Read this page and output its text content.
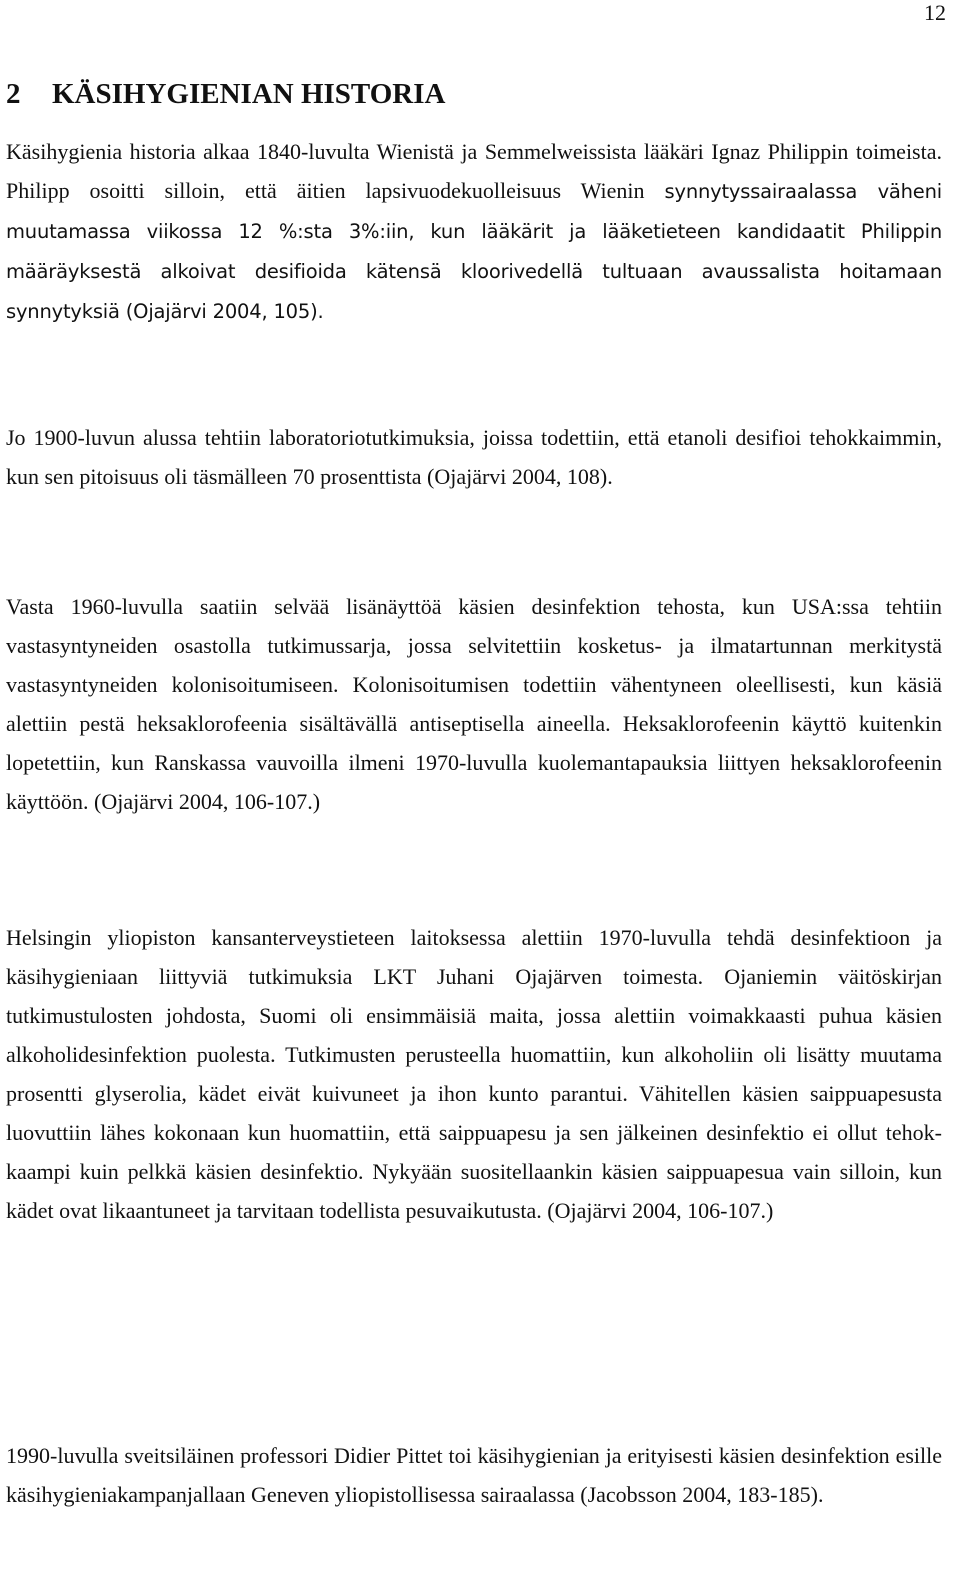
12
2 KÄSIHYGIENIAN HISTORIA

Käsihygienia historia alkaa 1840-luvulta Wienistä ja Semmelweissista lääkäri Ignaz Philippin toimeista. Philipp osoitti silloin, että äitien lapsivuodekuolleisuus Wienin synnytyssairaalassa väheni muutamassa viikossa 12 %:sta 3%:iin, kun lääkärit ja lääketieteen kandidaatit Philippin määräyksestä alkoivat desifioida kätensä kloorivedellä tultuaan avaussalista hoitamaan synnytyksiä (Ojajärvi 2004, 105).

Jo 1900-luvun alussa tehtiin laboratoriotutkimuksia, joissa todettiin, että etanoli desifioi tehokkaimmin, kun sen pitoisuus oli täsmälleen 70 prosenttista (Ojajärvi 2004, 108).

Vasta 1960-luvulla saatiin selvää lisänäyttöä käsien desinfektion tehosta, kun USA:ssa tehtiin vastasyntyneiden osastolla tutkimussarja, jossa selvitettiin kosketus- ja ilmatartunnan merkitystä vastasyntyneiden kolonisoitumiseen. Kolonisoitumisen todettiin vähentyneen oleellisesti, kun käsiä alettiin pestä heksaklorofeenia sisältävällä antiseptisella aineella. Heksaklorofeenin käyttö kuitenkin lopetettiin, kun Ranskassa vauvoilla ilmeni 1970-luvulla kuolemantapauksia liittyen heksaklorofeenin käyttöön. (Ojajärvi 2004, 106-107.)

Helsingin yliopiston kansanterveystieteen laitoksessa alettiin 1970-luvulla tehdä desinfektioon ja käsihygieniaan liittyviä tutkimuksia LKT Juhani Ojajärven toimesta. Ojaniemin väitöskirjan tutkimustulosten johdosta, Suomi oli ensimmäisiä maita, jossa alettiin voimakkaasti puhua käsien alkoholidesinfektion puolesta. Tutkimusten perusteella huomattiin, kun alkoholiin oli lisätty muutama prosentti glyserolia, kädet eivät kuivuneet ja ihon kunto parantui. Vähitellen käsien saippuapesusta luovuttiin lähes kokonaan kun huomattiin, että saippuapesu ja sen jälkeinen desinfektio ei ollut tehokkaampi kuin pelkkä käsien desinfektio. Nykyään suositellaankin käsien saippuapesua vain silloin, kun kädet ovat likaantuneet ja tarvitaan todellista pesuvaikutusta. (Ojajärvi 2004, 106-107.)

1990-luvulla sveitsiläinen professori Didier Pittet toi käsihygienian ja erityisesti käsien desinfektion esille käsihygieniakampanjallaan Geneven yliopistollisessa sairaalassa (Jacobsson 2004, 183-185).
